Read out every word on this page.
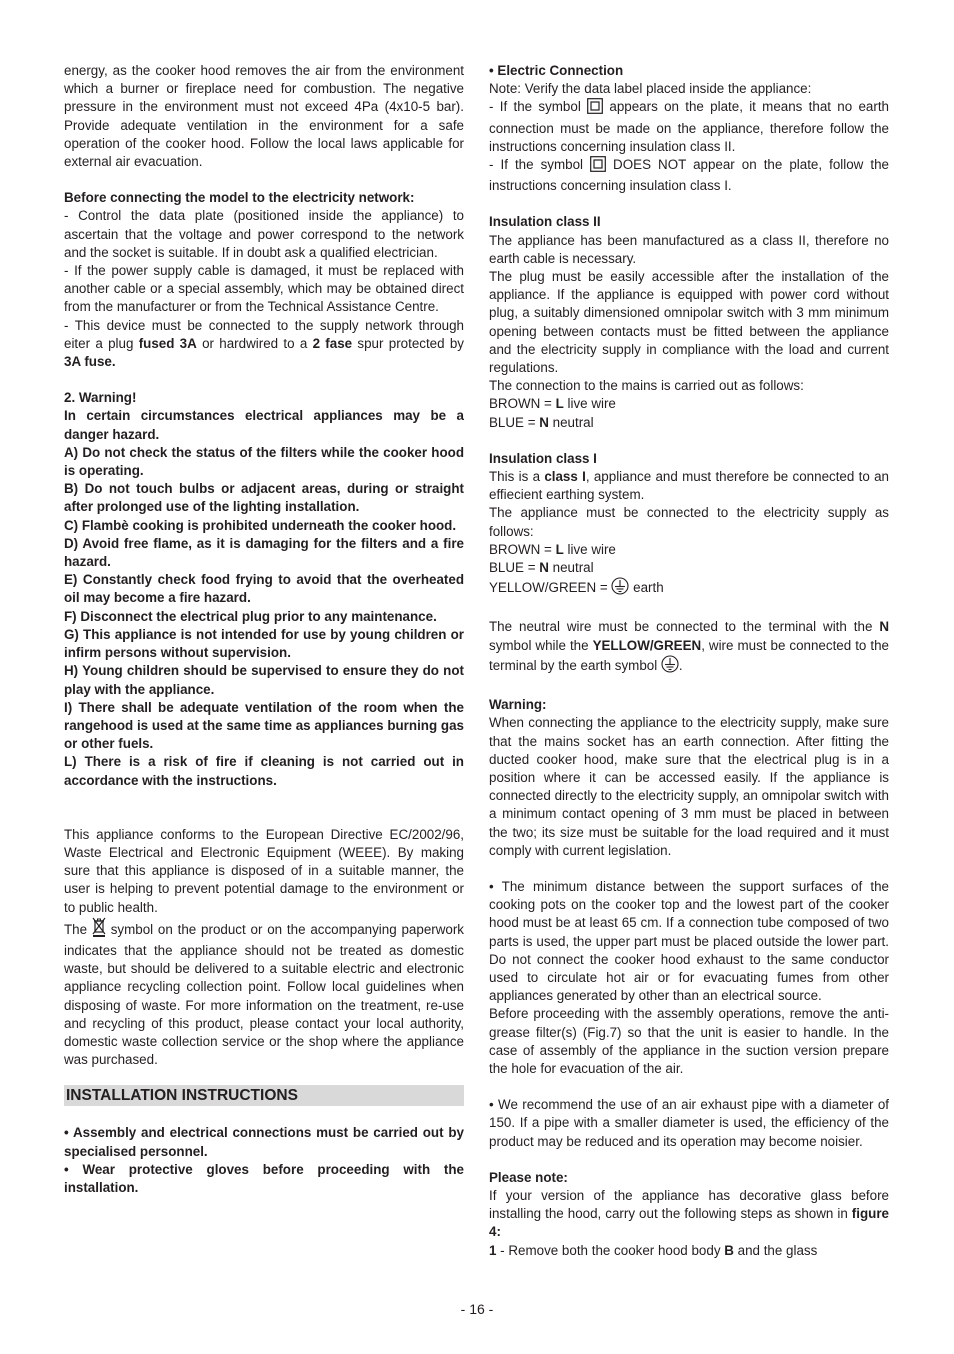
energy, as the cooker hood removes the air from the environment which a burner or fireplace need for combustion. The negative pressure in the environment must not exceed 4Pa (4x10-5 bar). Provide adequate ventilation in the environment for a safe operation of the cooker hood. Follow the local laws applicable for external air evacuation.

Before connecting the model to the electricity network:

- Control the data plate (positioned inside the appliance) to ascertain that the voltage and power correspond to the network and the socket is suitable. If in doubt ask a qualified electrician.

- If the power supply cable is damaged, it must be replaced with another cable or a special assembly, which may be obtained direct from the manufacturer or from the Technical Assistance Centre.

- This device must be connected to the supply network through eiter a plug fused 3A or hardwired to a 2 fase spur protected by 3A fuse.

2. Warning!

In certain circumstances electrical appliances may be a danger hazard.

A) Do not check the status of the filters while the cooker hood is operating.

B) Do not touch bulbs or adjacent areas, during or straight after prolonged use of the lighting installation.

C) Flambè cooking is prohibited underneath the cooker hood.

D) Avoid free flame, as it is damaging for the filters and a fire hazard.

E) Constantly check food frying to avoid that the overheated oil may become a fire hazard.

F) Disconnect the electrical plug prior to any maintenance.

G) This appliance is not intended for use by young children or infirm persons without supervision.

H) Young children should be supervised to ensure they do not play with the appliance.

I) There shall be adequate ventilation of the room when the rangehood is used at the same time as appliances burning gas or other fuels.

L) There is a risk of fire if cleaning is not carried out in accordance with the instructions.

This appliance conforms to the European Directive EC/2002/96, Waste Electrical and Electronic Equipment (WEEE). By making sure that this appliance is disposed of in a suitable manner, the user is helping to prevent potential damage to the environment or to public health.

The  symbol on the product or on the accompanying paperwork indicates that the appliance should not be treated as domestic waste, but should be delivered to a suitable electric and electronic appliance recycling collection point. Follow local guidelines when disposing of waste. For more information on the treatment, re-use and recycling of this product, please contact your local authority, domestic waste collection service or the shop where the appliance was purchased.

INSTALLATION INSTRUCTIONS

• Assembly and electrical connections must be carried out by specialised personnel.

• Wear protective gloves before proceeding with the installation.

• Electric Connection

Note: Verify the data label placed inside the appliance:

- If the symbol  appears on the plate, it means that no earth connection must be made on the appliance, therefore follow the instructions concerning insulation class II.

- If the symbol  DOES NOT appear on the plate, follow the instructions concerning insulation class I.

Insulation class II

The appliance has been manufactured as a class II, therefore no earth cable is necessary.

The plug must be easily accessible after the installation of the appliance. If the appliance is equipped with power cord without plug, a suitably dimensioned omnipolar switch with 3 mm minimum opening between contacts must be fitted between the appliance and the electricity supply in compliance with the load and current regulations.

The connection to the mains is carried out as follows:

BROWN = L live wire

BLUE = N neutral

Insulation class I

This is a class I, appliance and must therefore be connected to an effiecient earthing system.

The appliance must be connected to the electricity supply as follows:

BROWN = L live wire

BLUE = N neutral

YELLOW/GREEN =  earth

The neutral wire must be connected to the terminal with the N symbol while the YELLOW/GREEN, wire must be connected to the terminal by the earth symbol .

Warning:

When connecting the appliance to the electricity supply, make sure that the mains socket has an earth connection. After fitting the ducted cooker hood, make sure that the electrical plug is in a position where it can be accessed easily. If the appliance is connected directly to the electricity supply, an omnipolar switch with a minimum contact opening of 3 mm must be placed in between the two; its size must be suitable for the load required and it must comply with current legislation.

• The minimum distance between the support surfaces of the cooking pots on the cooker top and the lowest part of the cooker hood must be at least 65 cm. If a connection tube composed of two parts is used, the upper part must be placed outside the lower part. Do not connect the cooker hood exhaust to the same conductor used to circulate hot air or for evacuating fumes from other appliances generated by other than an electrical source.

Before proceeding with the assembly operations, remove the anti-grease filter(s) (Fig.7) so that the unit is easier to handle. In the case of assembly of the appliance in the suction version prepare the hole for evacuation of the air.

• We recommend the use of an air exhaust pipe with a diameter of 150. If a pipe with a smaller diameter is used, the efficiency of the product may be reduced and its operation may become noisier.

Please note:

If your version of the appliance has decorative glass before installing the hood, carry out the following steps as shown in figure 4:

1 - Remove both the cooker hood body B and the glass

- 16 -
